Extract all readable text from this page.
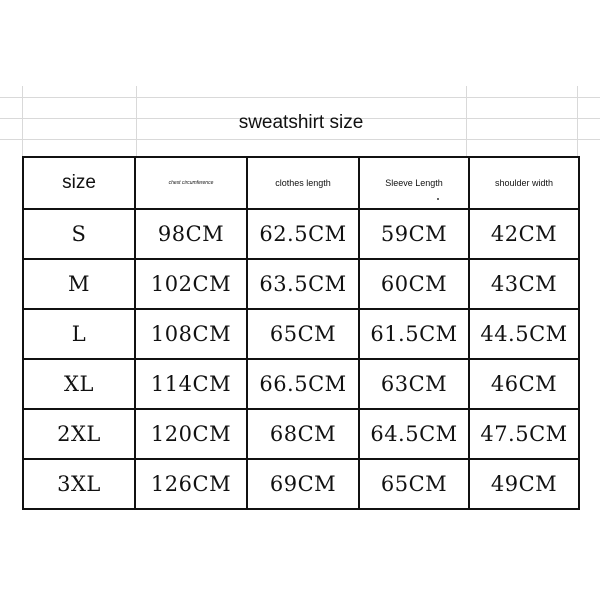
sweatshirt size
size	chest circumference	clothes length	Sleeve Length	shoulder width
S	98CM	62.5CM	59CM	42CM
M	102CM	63.5CM	60CM	43CM
L	108CM	65CM	61.5CM	44.5CM
XL	114CM	66.5CM	63CM	46CM
2XL	120CM	68CM	64.5CM	47.5CM
3XL	126CM	69CM	65CM	49CM
